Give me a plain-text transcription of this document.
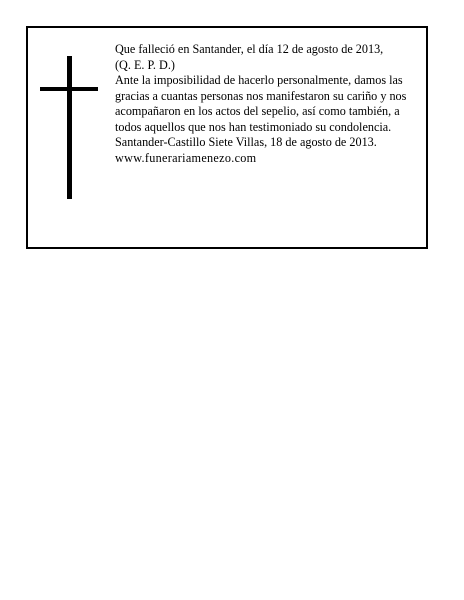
Que falleció en Santander, el día 12 de agosto de 2013,

(Q. E. P. D.)

Ante la imposibilidad de hacerlo personalmente, damos las gracias a cuantas personas nos manifestaron su cariño y nos acompañaron en los actos del sepelio, así como también, a todos aquellos que nos han testimoniado su condolencia.

Santander-Castillo Siete Villas, 18 de agosto de 2013.

www.funerariamenezo.com
